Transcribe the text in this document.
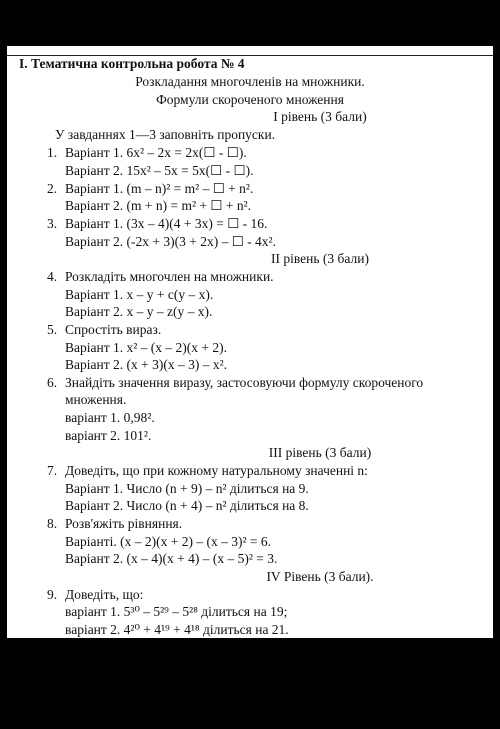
І. Тематична контрольна робота № 4
Розкладання многочленів на множники.
Формули скороченого множення
І рівень (3 бали)
У завданнях 1—3 заповніть пропуски.
1. Варіант 1. 6x² – 2x = 2x(☐ - ☐).
Варіант 2. 15x² – 5x = 5x(☐ - ☐).
2. Варіант 1. (m – n)² = m² – ☐ + n².
Варіант 2. (m + n) = m² + ☐ + n².
3. Варіант 1. (3x – 4)(4 + 3x) = ☐ - 16.
Варіант 2. (-2x + 3)(3 + 2x) – ☐ - 4x².
ІІ рівень (3 бали)
4. Розкладіть многочлен на множники.
Варіант 1. x – y + c(y – x).
Варіант 2. x – y – z(y – x).
5. Спростіть вираз.
Варіант 1. x² – (x – 2)(x + 2).
Варіант 2. (x + 3)(x – 3) – x².
6. Знайдіть значення виразу, застосовуючи формулу скороченого
множення.
варіант 1. 0,98².
варіант 2. 101².
ІІІ рівень (3 бали)
7. Доведіть, що при кожному натуральному значенні n:
Варіант 1. Число (n + 9) – n² ділиться на 9.
Варіант 2. Число (n + 4) – n² ділиться на 8.
8. Розв'яжіть рівняння.
Варіанті. (x – 2)(x + 2) – (x – 3)² = 6.
Варіант 2. (x – 4)(x + 4) – (x – 5)² = 3.
IV Рівень (3 бали).
9. Доведіть, що:
варіант 1. 5³⁰ – 5²⁹ – 5²⁸ ділиться на 19;
варіант 2. 4²⁰ + 4¹⁹ + 4¹⁸ ділиться на 21.
